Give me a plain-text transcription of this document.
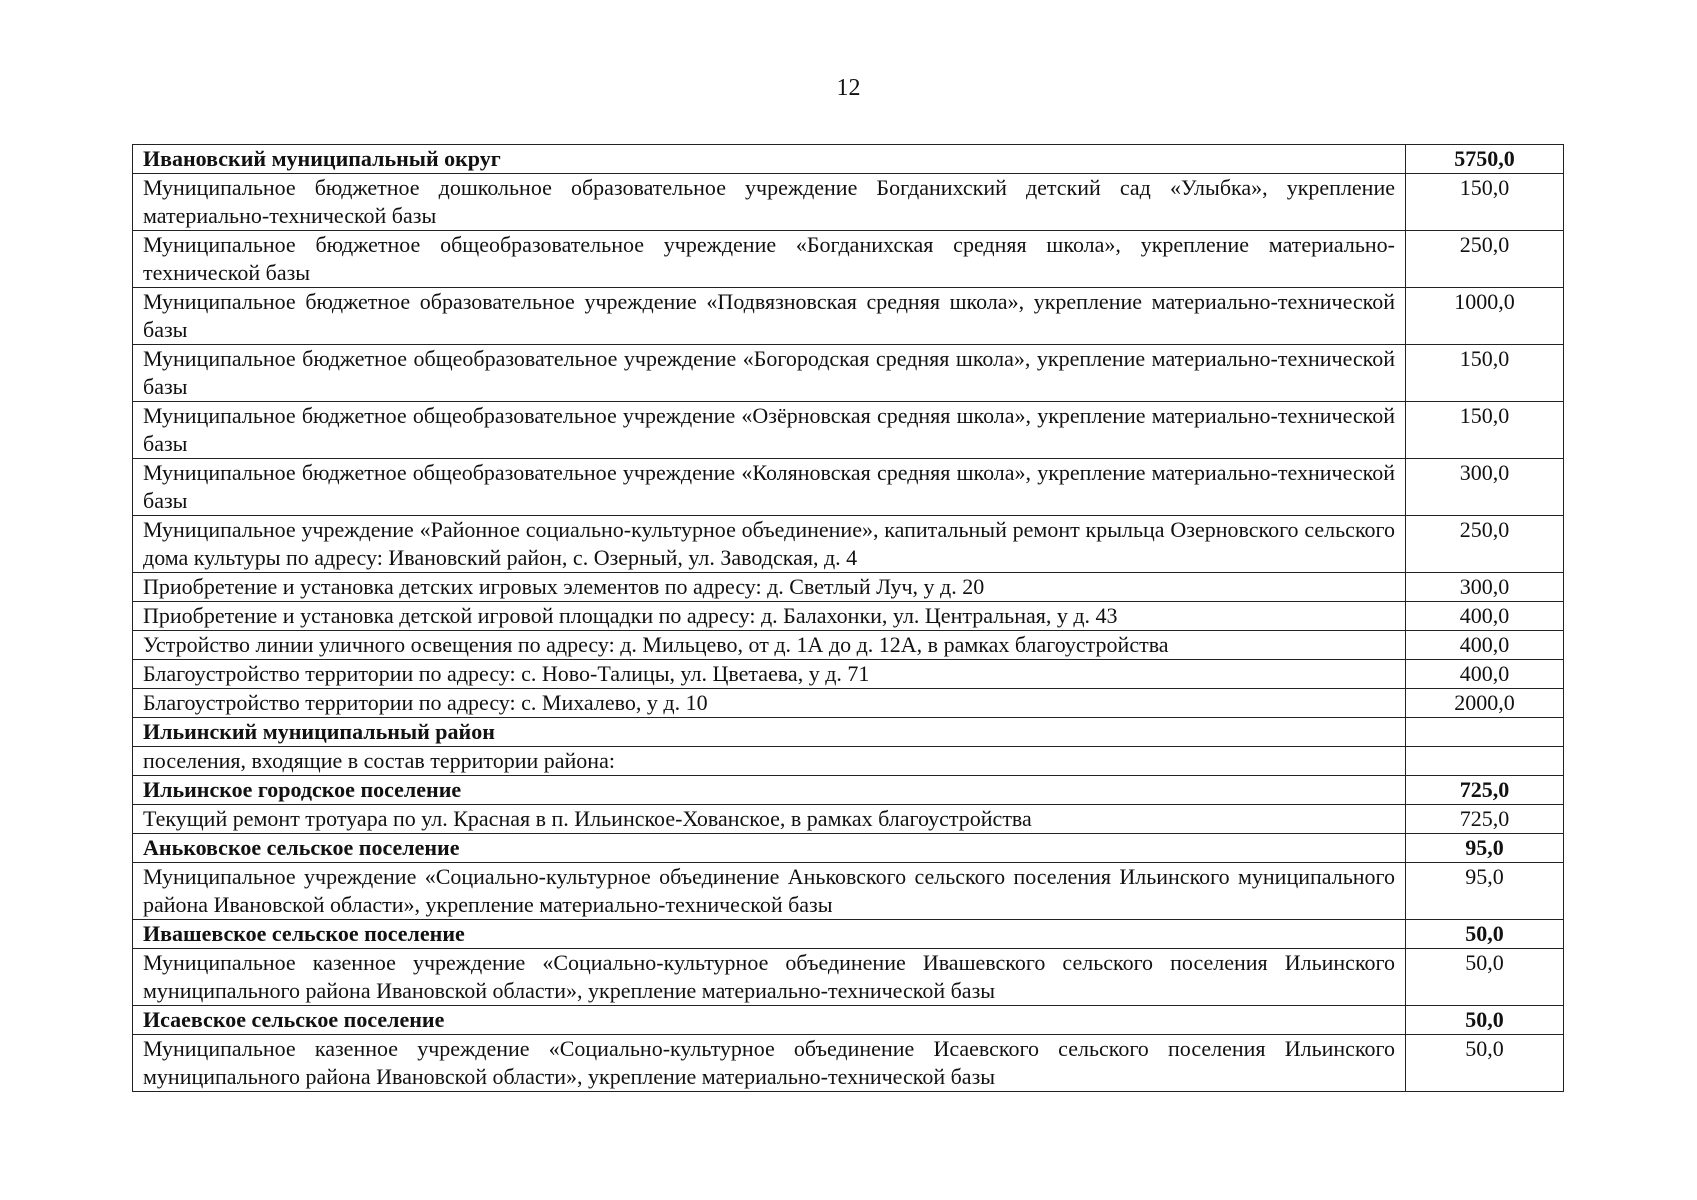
12
Ивановский муниципальный округ	5750,0
Муниципальное бюджетное дошкольное образовательное учреждение Богданихский детский сад «Улыбка», укрепление материально-технической базы	150,0
Муниципальное бюджетное общеобразовательное учреждение «Богданихская средняя школа», укрепление материально-технической базы	250,0
Муниципальное бюджетное образовательное учреждение «Подвязновская средняя школа», укрепление материально-технической базы	1000,0
Муниципальное бюджетное общеобразовательное учреждение «Богородская средняя школа», укрепление материально-технической базы	150,0
Муниципальное бюджетное общеобразовательное учреждение «Озёрновская средняя школа», укрепление материально-технической базы	150,0
Муниципальное бюджетное общеобразовательное учреждение «Коляновская средняя школа», укрепление материально-технической базы	300,0
Муниципальное учреждение «Районное социально-культурное объединение», капитальный ремонт крыльца Озерновского сельского дома культуры по адресу: Ивановский район, с. Озерный, ул. Заводская, д. 4	250,0
Приобретение и установка детских игровых элементов по адресу: д. Светлый Луч, у д. 20	300,0
Приобретение и установка детской игровой площадки по адресу: д. Балахонки, ул. Центральная, у д. 43	400,0
Устройство линии уличного освещения по адресу: д. Мильцево, от д. 1А до д. 12А, в рамках благоустройства	400,0
Благоустройство территории по адресу: с. Ново-Талицы, ул. Цветаева, у д. 71	400,0
Благоустройство территории по адресу: с. Михалево, у д. 10	2000,0
Ильинский муниципальный район	
поселения, входящие в состав территории района:	
Ильинское городское поселение	725,0
Текущий ремонт тротуара по ул. Красная в п. Ильинское-Хованское, в рамках благоустройства	725,0
Аньковское сельское поселение	95,0
Муниципальное учреждение «Социально-культурное объединение Аньковского сельского поселения Ильинского муниципального района Ивановской области», укрепление материально-технической базы	95,0
Ивашевское сельское поселение	50,0
Муниципальное казенное учреждение «Социально-культурное объединение Ивашевского сельского поселения Ильинского муниципального района Ивановской области», укрепление материально-технической базы	50,0
Исаевское сельское поселение	50,0
Муниципальное казенное учреждение «Социально-культурное объединение Исаевского сельского поселения Ильинского муниципального района Ивановской области», укрепление материально-технической базы	50,0
